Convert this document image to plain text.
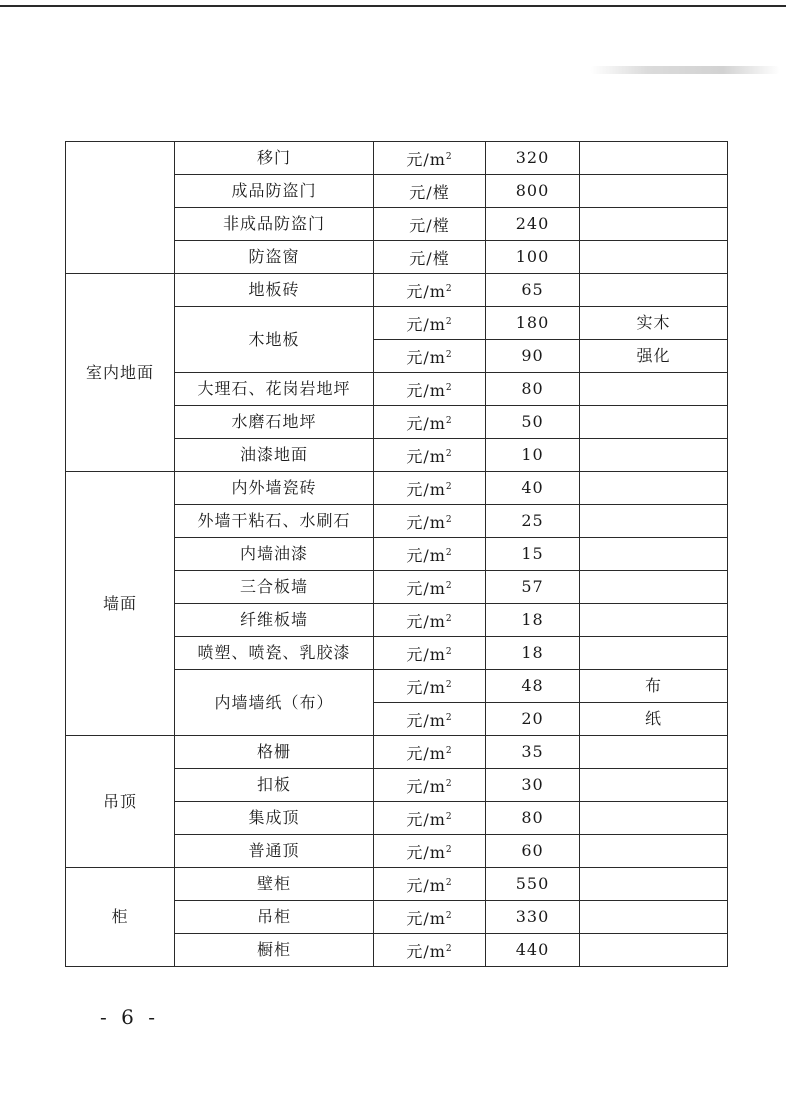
	移门	元$/m^2$	320	
	成品防盗门	元/樘	800	
	非成品防盗门	元/樘	240	
	防盗窗	元/樘	100	
室内地面	地板砖	元$/m^2$	65	
	木地板	元$/m^2$	180	实木
		元$/m^2$	90	强化
	大理石、花岗岩地坪	元$/m^2$	80	
	水磨石地坪	元$/m^2$	50	
	油漆地面	元$/m^2$	10	
墙面	内外墙瓷砖	元$/m^2$	40	
	外墙干粘石、水刷石	元$/m^2$	25	
	内墙油漆	元$/m^2$	15	
	三合板墙	元$/m^2$	57	
	纤维板墙	元$/m^2$	18	
	喷塑、喷瓷、乳胶漆	元$/m^2$	18	
	内墙墙纸（布）	元$/m^2$	48	布
		元$/m^2$	20	纸
吊顶	格栅	元$/m^2$	35	
	扣板	元$/m^2$	30	
	集成顶	元$/m^2$	80	
	普通顶	元$/m^2$	60	
柜	壁柜	元$/m^2$	550	
	吊柜	元$/m^2$	330	
	橱柜	元$/m^2$	440	
- 6 -
